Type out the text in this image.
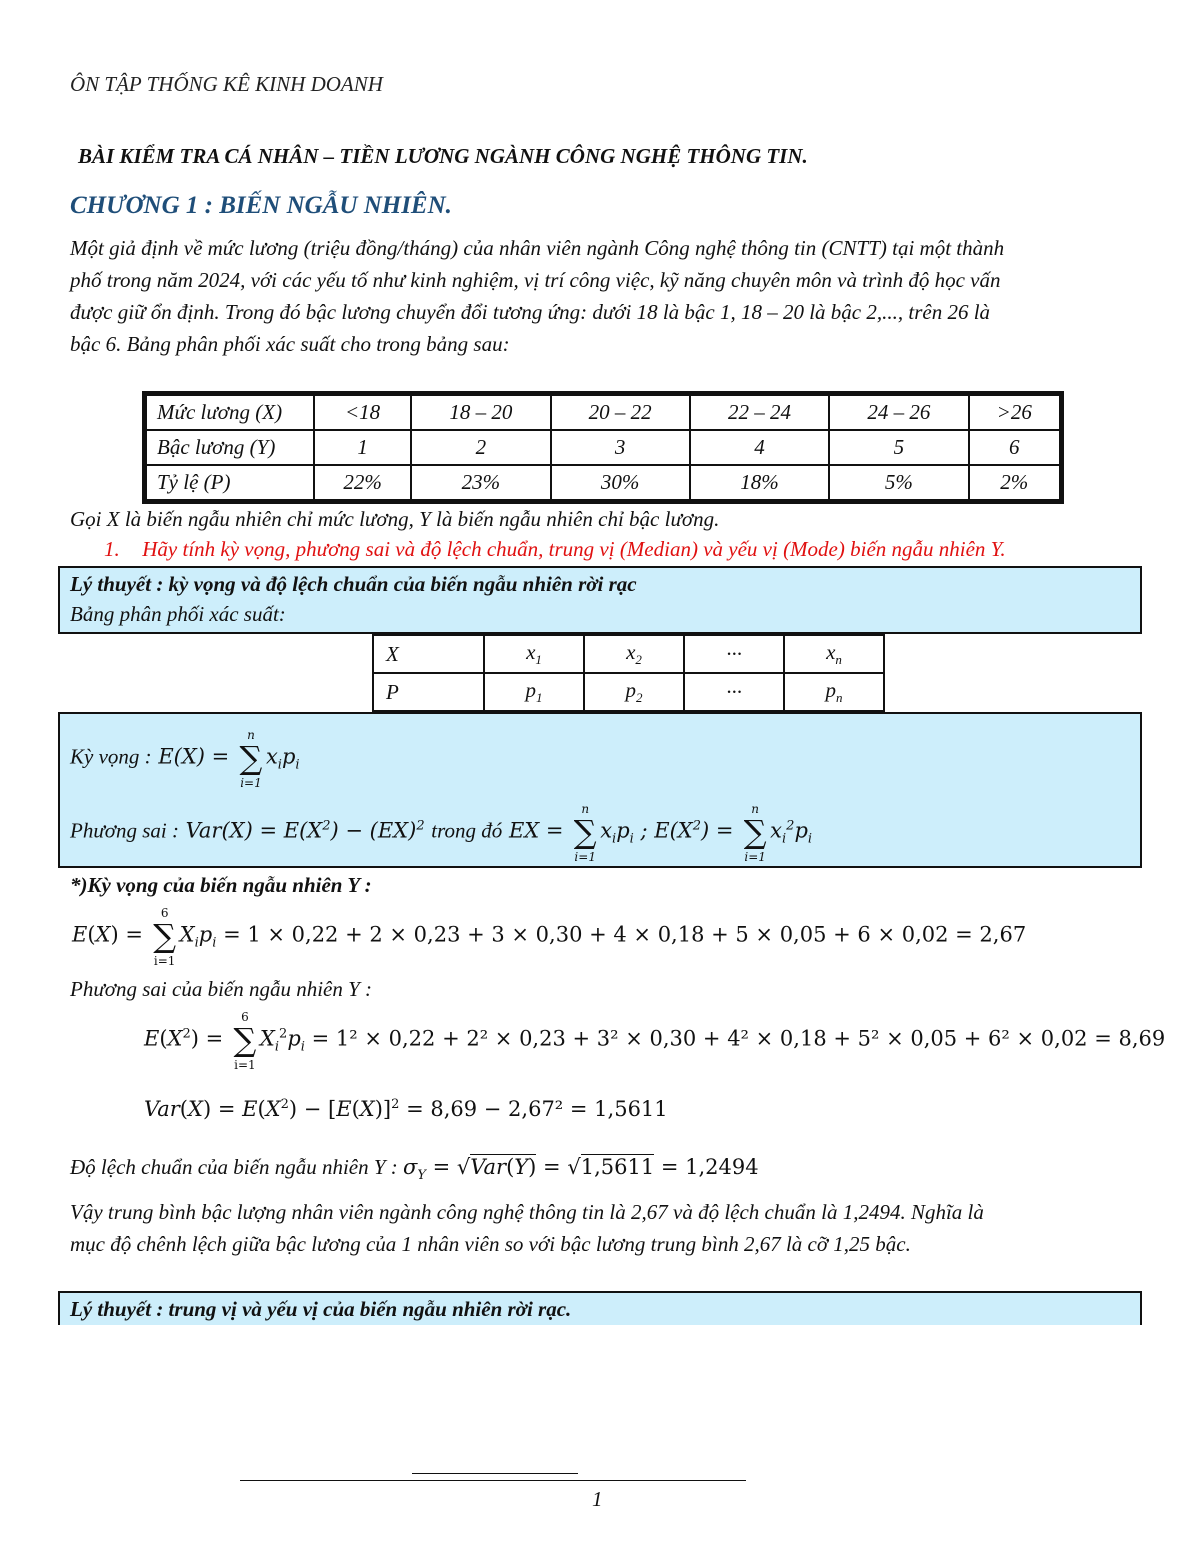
ÔN TẬP THỐNG KÊ KINH DOANH
BÀI KIỂM TRA CÁ NHÂN – TIỀN LƯƠNG NGÀNH CÔNG NGHỆ THÔNG TIN.
CHƯƠNG 1 : BIẾN NGẪU NHIÊN.
Một giả định về mức lương (triệu đồng/tháng) của nhân viên ngành Công nghệ thông tin (CNTT) tại một thành
phố trong năm 2024, với các yếu tố như kinh nghiệm, vị trí công việc, kỹ năng chuyên môn và trình độ học vấn
được giữ ổn định. Trong đó bậc lương chuyển đổi tương ứng: dưới 18 là bậc 1, 18 – 20 là bậc 2,..., trên 26 là
bậc 6. Bảng phân phối xác suất cho trong bảng sau:
Mức lương (X)	<18	18 – 20	20 – 22	22 – 24	24 – 26	>26
Bậc lương (Y)	1	2	3	4	5	6
Tỷ lệ (P)	22%	23%	30%	18%	5%	2%
Gọi X là biến ngẫu nhiên chỉ mức lương, Y là biến ngẫu nhiên chỉ bậc lương.
1. Hãy tính kỳ vọng, phương sai và độ lệch chuẩn, trung vị (Median) và yếu vị (Mode) biến ngẫu nhiên Y.
Lý thuyết : kỳ vọng và độ lệch chuẩn của biến ngẫu nhiên rời rạc
Bảng phân phối xác suất:
X	$x_1$	$x_2$	···	$x_n$
P	$p_1$	$p_2$	···	$p_n$
Kỳ vọng : E(X) =
n
∑
i=1
$x_ip_i$
Phương sai : $Var(X) = E(X^2) - (EX)^2$ trong đó EX =
n
∑
i=1
$x_ip_i$ ; $E(X^2)$ =
n
∑
i=1
$x_i^2p_i$
*)Kỳ vọng của biến ngẫu nhiên Y :
E(X) =
6
∑
i=1
$X_ip_i = 1 \times 0,22 + 2 \times 0,23 + 3 \times 0,30 + 4 \times 0,18 + 5 \times 0,05 + 6 \times 0,02 = 2,67$
Phương sai của biến ngẫu nhiên Y :
$E(X^2)$ =
6
∑
i=1
$X_i^2p_i = 1^2 \times 0,22 + 2^2 \times 0,23 + 3^2 \times 0,30 + 4^2 \times 0,18 + 5^2 \times 0,05 + 6^2 \times 0,02 = 8,69$
$Var(X) = E(X^2) - [E(X)]^2 = 8,69 - 2,67^2 = 1,5611$
Độ lệch chuẩn của biến ngẫu nhiên Y : $\sigma_Y = √Var(Y) = √1,5611 = 1,2494$
Vậy trung bình bậc lượng nhân viên ngành công nghệ thông tin là 2,67 và độ lệch chuẩn là 1,2494. Nghĩa là
mục độ chênh lệch giữa bậc lương của 1 nhân viên so với bậc lương trung bình 2,67 là cỡ 1,25 bậc.
Lý thuyết : trung vị và yếu vị của biến ngẫu nhiên rời rạc.
1
